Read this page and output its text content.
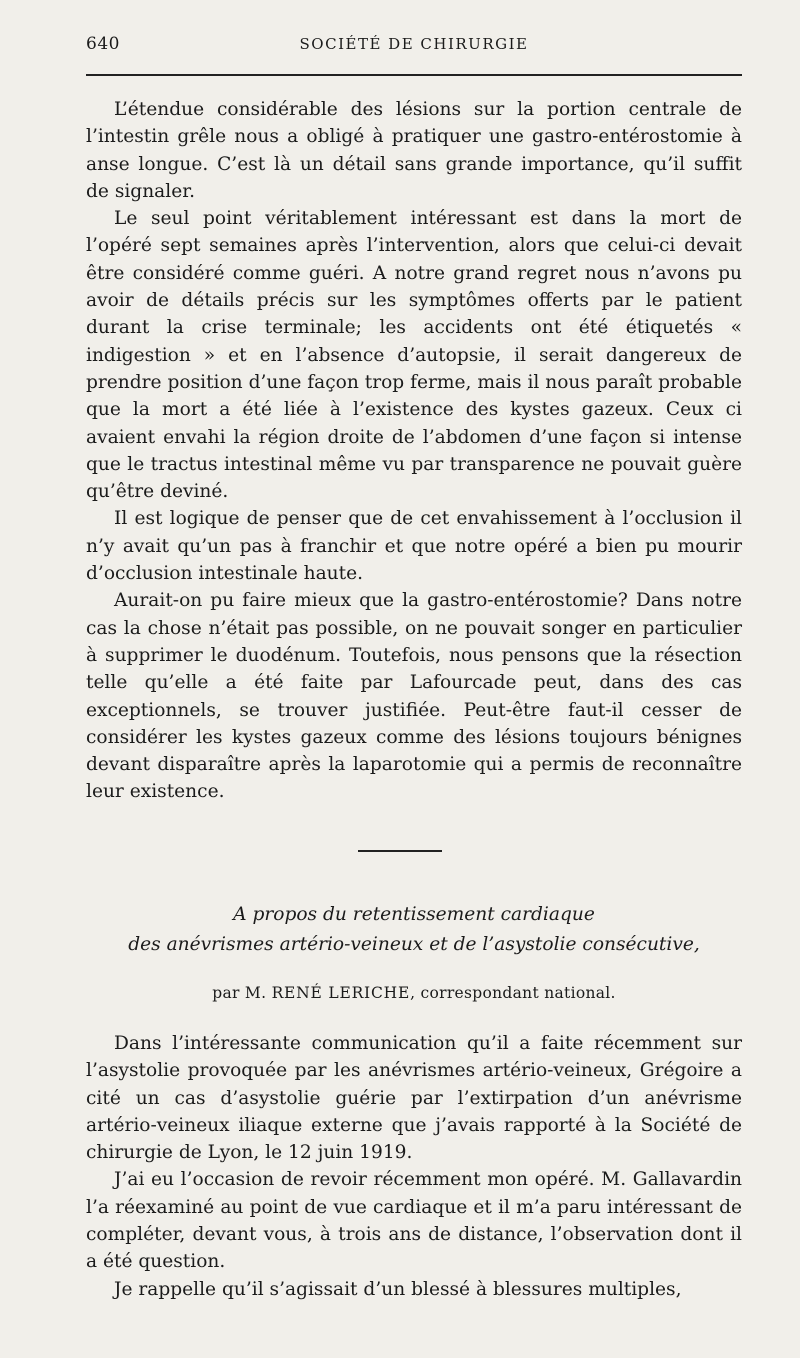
640	SOCIÉTÉ DE CHIRURGIE

L’étendue considérable des lésions sur la portion centrale de l’intestin grêle nous a obligé à pratiquer une gastro-entérostomie à anse longue. C’est là un détail sans grande importance, qu’il suffit de signaler.

Le seul point véritablement intéressant est dans la mort de l’opéré sept semaines après l’intervention, alors que celui-ci devait être considéré comme guéri. A notre grand regret nous n’avons pu avoir de détails précis sur les symptômes offerts par le patient durant la crise terminale; les accidents ont été étiquetés « indigestion » et en l’absence d’autopsie, il serait dangereux de prendre position d’une façon trop ferme, mais il nous paraît probable que la mort a été liée à l’existence des kystes gazeux. Ceux ci avaient envahi la région droite de l’abdomen d’une façon si intense que le tractus intestinal même vu par transparence ne pouvait guère qu’être deviné.

Il est logique de penser que de cet envahissement à l’occlusion il n’y avait qu’un pas à franchir et que notre opéré a bien pu mourir d’occlusion intestinale haute.

Aurait-on pu faire mieux que la gastro-entérostomie? Dans notre cas la chose n’était pas possible, on ne pouvait songer en particulier à supprimer le duodénum. Toutefois, nous pensons que la résection telle qu’elle a été faite par Lafourcade peut, dans des cas exceptionnels, se trouver justifiée. Peut-être faut-il cesser de considérer les kystes gazeux comme des lésions toujours bénignes devant disparaître après la laparotomie qui a permis de reconnaître leur existence.

A propos du retentissement cardiaque
des anévrismes artério-veineux et de l’asystolie consécutive,
par M. RENÉ LERICHE, correspondant national.

Dans l’intéressante communication qu’il a faite récemment sur l’asystolie provoquée par les anévrismes artério-veineux, Grégoire a cité un cas d’asystolie guérie par l’extirpation d’un anévrisme artério-veineux iliaque externe que j’avais rapporté à la Société de chirurgie de Lyon, le 12 juin 1919.

J’ai eu l’occasion de revoir récemment mon opéré. M. Gallavardin l’a réexaminé au point de vue cardiaque et il m’a paru intéressant de compléter, devant vous, à trois ans de distance, l’observation dont il a été question.

Je rappelle qu’il s’agissait d’un blessé à blessures multiples,
